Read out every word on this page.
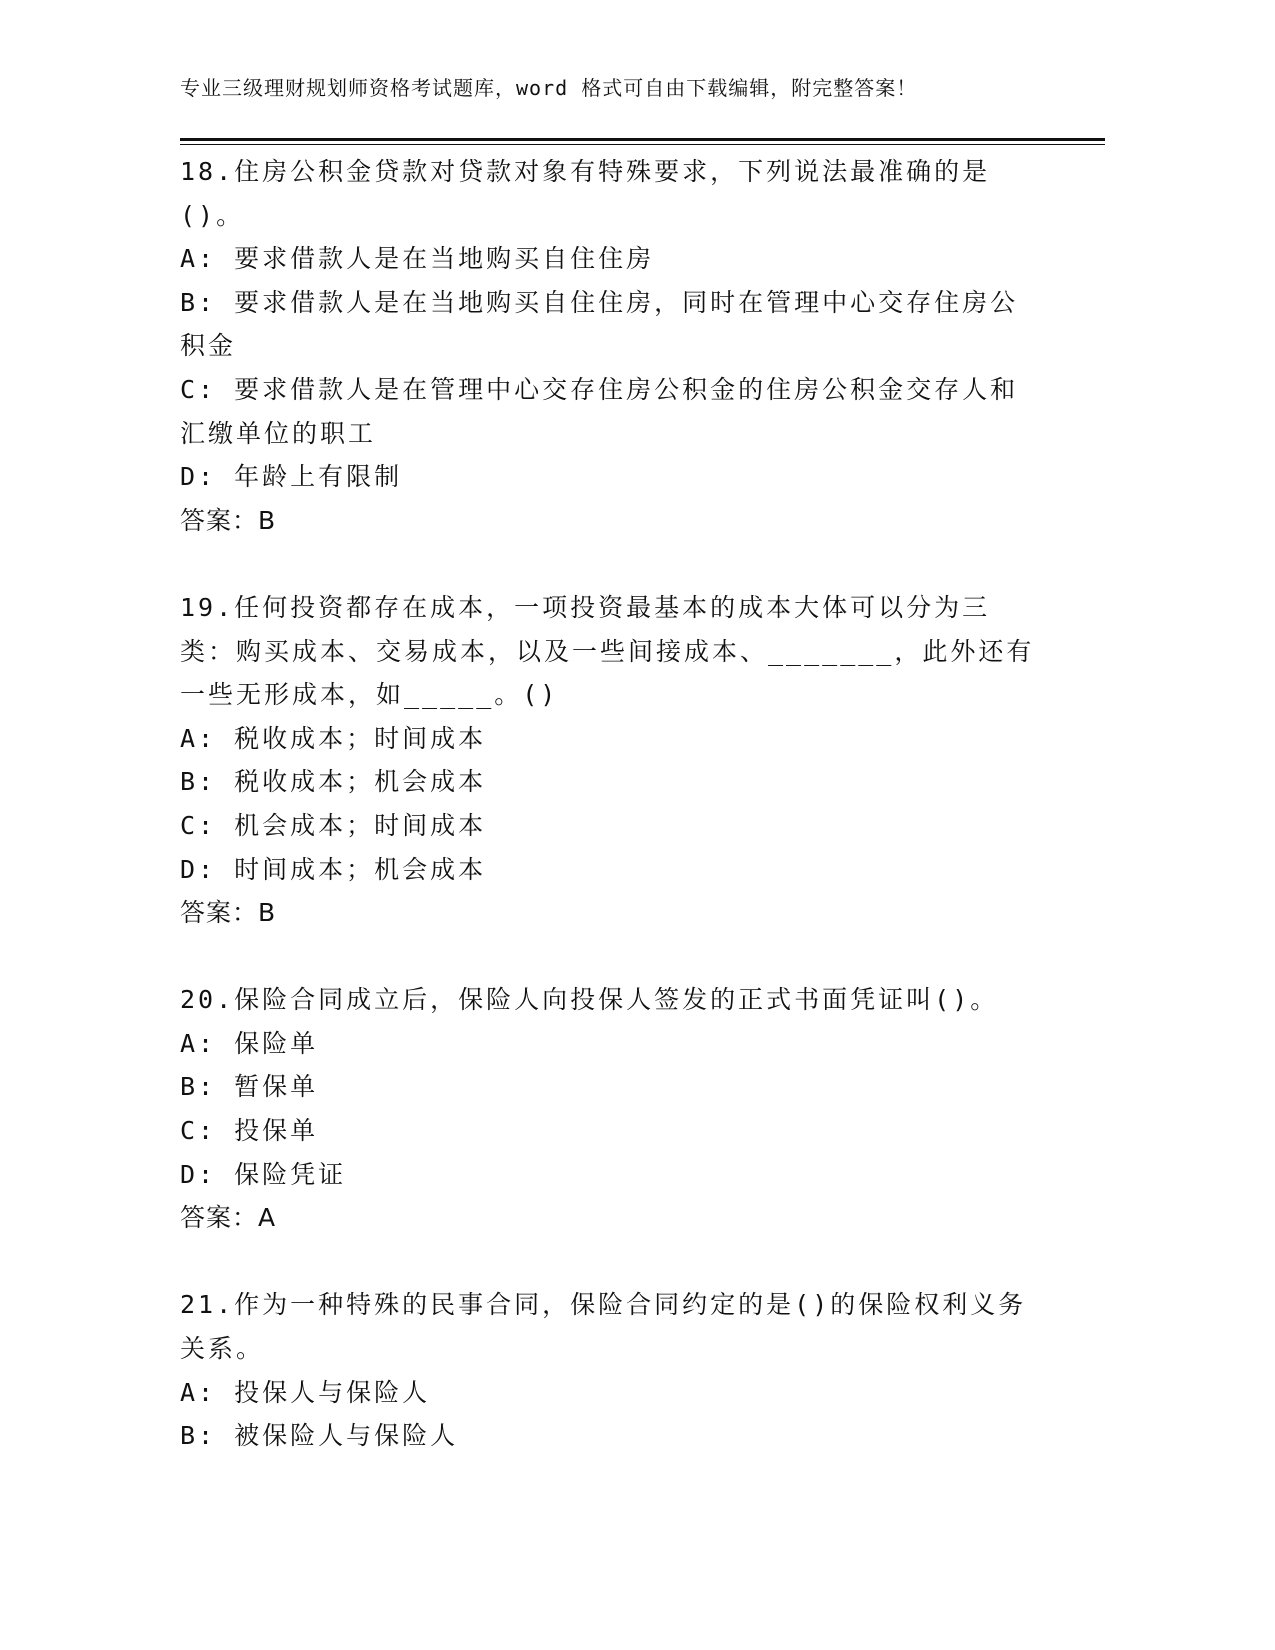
专业三级理财规划师资格考试题库，word 格式可自由下载编辑，附完整答案！
18.住房公积金贷款对贷款对象有特殊要求，下列说法最准确的是()。
A: 要求借款人是在当地购买自住住房
B: 要求借款人是在当地购买自住住房，同时在管理中心交存住房公积金
C: 要求借款人是在管理中心交存住房公积金的住房公积金交存人和汇缴单位的职工
D: 年龄上有限制
答案：B
19.任何投资都存在成本，一项投资最基本的成本大体可以分为三类：购买成本、交易成本，以及一些间接成本、_______，此外还有一些无形成本，如_____。()
A: 税收成本；时间成本
B: 税收成本；机会成本
C: 机会成本；时间成本
D: 时间成本；机会成本
答案：B
20.保险合同成立后，保险人向投保人签发的正式书面凭证叫()。
A: 保险单
B: 暂保单
C: 投保单
D: 保险凭证
答案：A
21.作为一种特殊的民事合同，保险合同约定的是()的保险权利义务关系。
A: 投保人与保险人
B: 被保险人与保险人
